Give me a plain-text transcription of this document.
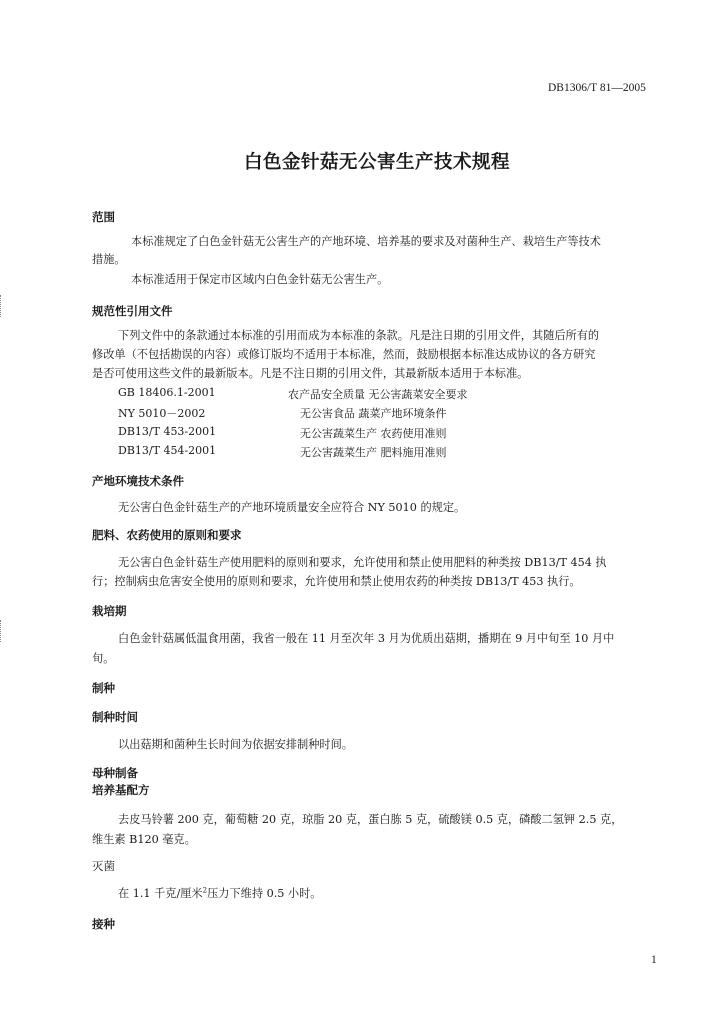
DB1306/T 81—2005
白色金针菇无公害生产技术规程
范围
本标准规定了白色金针菇无公害生产的产地环境、培养基的要求及对菌种生产、栽培生产等技术
措施。
本标准适用于保定市区域内白色金针菇无公害生产。
规范性引用文件
下列文件中的条款通过本标准的引用而成为本标准的条款。凡是注日期的引用文件，其随后所有的
修改单（不包括勘误的内容）或修订版均不适用于本标准，然而，鼓励根据本标准达成协议的各方研究
是否可使用这些文件的最新版本。凡是不注日期的引用文件，其最新版本适用于本标准。
GB 18406.1-2001	农产品安全质量 无公害蔬菜安全要求
NY 5010－2002	无公害食品 蔬菜产地环境条件
DB13/T 453-2001	无公害蔬菜生产 农药使用准则
DB13/T 454-2001	无公害蔬菜生产 肥料施用准则
产地环境技术条件
无公害白色金针菇生产的产地环境质量安全应符合 NY 5010 的规定。
肥料、农药使用的原则和要求
无公害白色金针菇生产使用肥料的原则和要求，允许使用和禁止使用肥料的种类按 DB13/T 454 执
行；控制病虫危害安全使用的原则和要求，允许使用和禁止使用农药的种类按 DB13/T 453 执行。
栽培期
白色金针菇属低温食用菌，我省一般在 11 月至次年 3 月为优质出菇期，播期在 9 月中旬至 10 月中
旬。
制种
制种时间
以出菇期和菌种生长时间为依据安排制种时间。
母种制备
培养基配方
去皮马铃薯 200 克，葡萄糖 20 克，琼脂 20 克，蛋白胨 5 克，硫酸镁 0.5 克，磷酸二氢钾 2.5 克，
维生素 B120 毫克。
灭菌
在 1.1 千克/厘米$^2$压力下维持 0.5 小时。
接种
1
